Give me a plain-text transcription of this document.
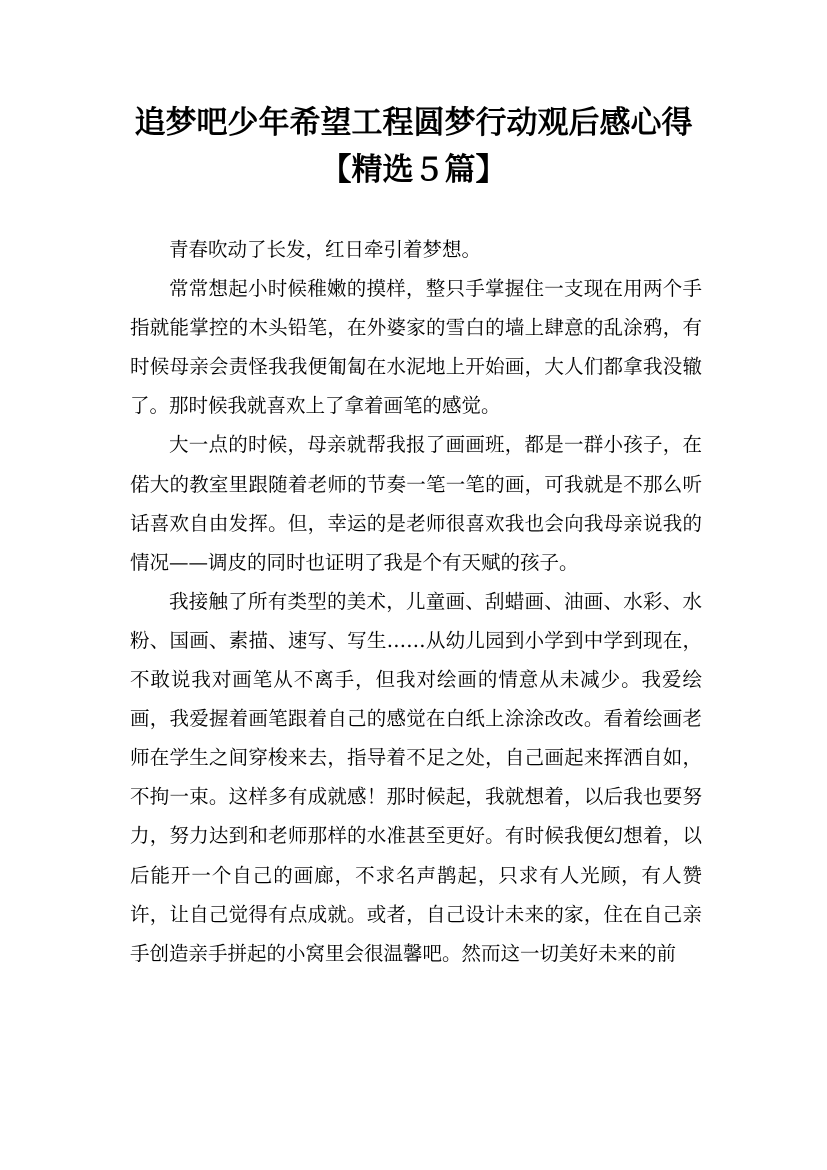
追梦吧少年希望工程圆梦行动观后感心得
【精选５篇】

青春吹动了长发，红日牵引着梦想。

常常想起小时候稚嫩的摸样，整只手掌握住一支现在用两个手指就能掌控的木头铅笔，在外婆家的雪白的墙上肆意的乱涂鸦，有时候母亲会责怪我我便匍匐在水泥地上开始画，大人们都拿我没辙了。那时候我就喜欢上了拿着画笔的感觉。

大一点的时候，母亲就帮我报了画画班，都是一群小孩子，在偌大的教室里跟随着老师的节奏一笔一笔的画，可我就是不那么听话喜欢自由发挥。但，幸运的是老师很喜欢我也会向我母亲说我的情况——调皮的同时也证明了我是个有天赋的孩子。

我接触了所有类型的美术，儿童画、刮蜡画、油画、水彩、水粉、国画、素描、速写、写生……从幼儿园到小学到中学到现在，不敢说我对画笔从不离手，但我对绘画的情意从未减少。我爱绘画，我爱握着画笔跟着自己的感觉在白纸上涂涂改改。看着绘画老师在学生之间穿梭来去，指导着不足之处，自己画起来挥洒自如，不拘一束。这样多有成就感！那时候起，我就想着，以后我也要努力，努力达到和老师那样的水准甚至更好。有时候我便幻想着，以后能开一个自己的画廊，不求名声鹊起，只求有人光顾，有人赞许，让自己觉得有点成就。或者，自己设计未来的家，住在自己亲手创造亲手拼起的小窝里会很温馨吧。然而这一切美好未来的前
